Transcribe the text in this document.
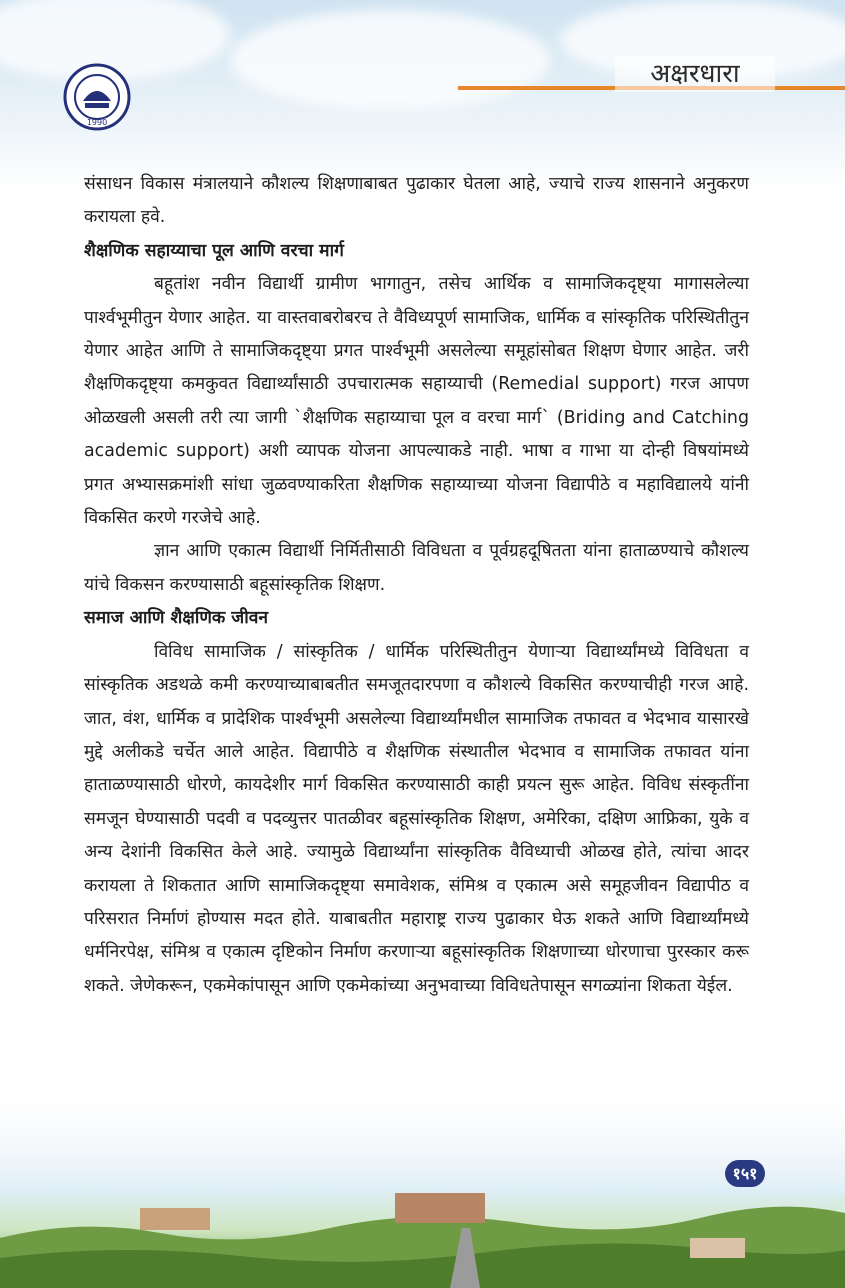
1990
अक्षरधारा

संसाधन विकास मंत्रालयाने कौशल्य शिक्षणाबाबत पुढाकार घेतला आहे, ज्याचे राज्य शासनाने अनुकरण करायला हवे.

शैक्षणिक सहाय्याचा पूल आणि वरचा मार्ग

बहूतांश नवीन विद्यार्थी ग्रामीण भागातुन, तसेच आर्थिक व सामाजिकदृष्ट्या मागासलेल्या पार्श्वभूमीतुन येणार आहेत. या वास्तवाबरोबरच ते वैविध्यपूर्ण सामाजिक, धार्मिक व सांस्कृतिक परिस्थितीतुन येणार आहेत आणि ते सामाजिकदृष्ट्या प्रगत पार्श्वभूमी असलेल्या समूहांसोबत शिक्षण घेणार आहेत. जरी शैक्षणिकदृष्ट्या कमकुवत विद्यार्थ्यांसाठी उपचारात्मक सहाय्याची (Remedial support) गरज आपण ओळखली असली तरी त्या जागी `शैक्षणिक सहाय्याचा पूल व वरचा मार्ग` (Briding and Catching academic support) अशी व्यापक योजना आपल्याकडे नाही. भाषा व गाभा या दोन्ही विषयांमध्ये प्रगत अभ्यासक्रमांशी सांधा जुळवण्याकरिता शैक्षणिक सहाय्याच्या योजना विद्यापीठे व महाविद्यालये यांनी विकसित करणे गरजेचे आहे.

ज्ञान आणि एकात्म विद्यार्थी निर्मितीसाठी विविधता व पूर्वग्रहदूषितता यांना हाताळण्याचे कौशल्य यांचे विकसन करण्यासाठी बहूसांस्कृतिक शिक्षण.

समाज आणि शैक्षणिक जीवन

विविध सामाजिक / सांस्कृतिक / धार्मिक परिस्थितीतुन येणाऱ्या विद्यार्थ्यांमध्ये विविधता व सांस्कृतिक अडथळे कमी करण्याच्याबाबतीत समजूतदारपणा व कौशल्ये विकसित करण्याचीही गरज आहे. जात, वंश, धार्मिक व प्रादेशिक पार्श्वभूमी असलेल्या विद्यार्थ्यांमधील सामाजिक तफावत व भेदभाव यासारखे मुद्दे अलीकडे चर्चेत आले आहेत. विद्यापीठे व शैक्षणिक संस्थातील भेदभाव व सामाजिक तफावत यांना हाताळण्यासाठी धोरणे, कायदेशीर मार्ग विकसित करण्यासाठी काही प्रयत्न सुरू आहेत. विविध संस्कृतींना समजून घेण्यासाठी पदवी व पदव्युत्तर पातळीवर बहूसांस्कृतिक शिक्षण, अमेरिका, दक्षिण आफ्रिका, युके व अन्य देशांनी विकसित केले आहे. ज्यामुळे विद्यार्थ्यांना सांस्कृतिक वैविध्याची ओळख होते, त्यांचा आदर करायला ते शिकतात आणि सामाजिकदृष्ट्या समावेशक, संमिश्र व एकात्म असे समूहजीवन विद्यापीठ व परिसरात निर्माणं होण्यास मदत होते. याबाबतीत महाराष्ट्र राज्य पुढाकार घेऊ शकते आणि विद्यार्थ्यांमध्ये धर्मनिरपेक्ष, संमिश्र व एकात्म दृष्टिकोन निर्माण करणाऱ्या बहूसांस्कृतिक शिक्षणाच्या धोरणाचा पुरस्कार करू शकते. जेणेकरून, एकमेकांपासून आणि एकमेकांच्या अनुभवाच्या विविधतेपासून सगळ्यांना शिकता येईल.

१५१
